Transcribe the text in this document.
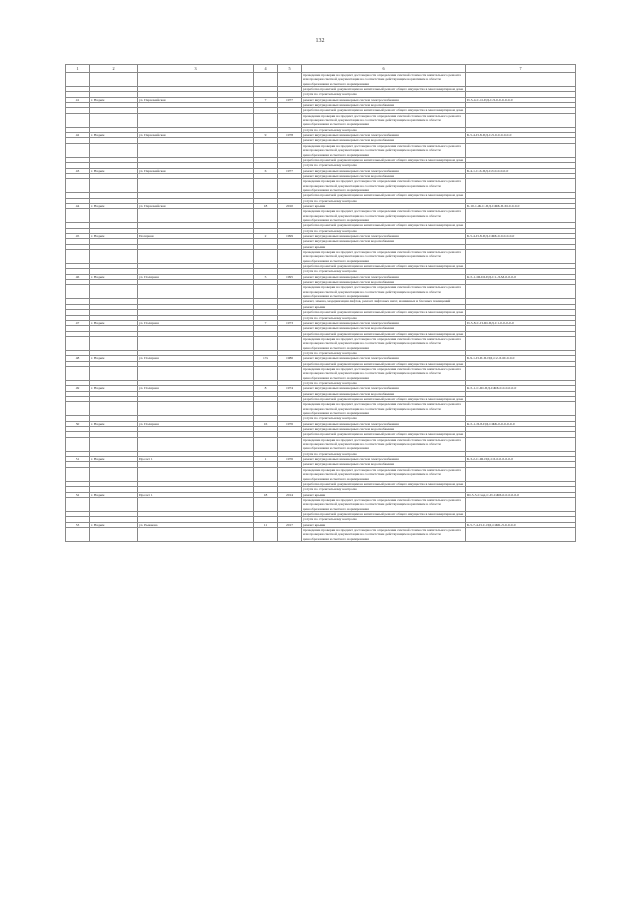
132
1	2	3	4	5	6	7
					проведение проверки на предмет достоверности определения сметной стоимости капитального ремонта или проверки сметной документации на соответствие действующим нормативам в области ценообразования и сметного нормирования	
					разработка проектной документации на капитальный ремонт общего имущества в многоквартирном доме	
					услуги по строительному контролю	
41	г. Надым	ул. Первомайская	7	1977	ремонт внутридомовых инженерных систем электроснабжения	П-5-4-С-О-ПД-СЛ-0-0-0-0-0-0
					ремонт внутридомовых инженерных систем водоснабжения	
					разработка проектной документации на капитальный ремонт общего имущества в многоквартирном доме	
					проведение проверки на предмет достоверности определения сметной стоимости капитального ремонта или проверки сметной документации на соответствие действующим нормативам в области ценообразования и сметного нормирования	
					услуги по строительному контролю	
42	г. Надым	ул. Первомайская	9	1978	ремонт внутридомовых инженерных систем электроснабжения	Б-5-4-П-8-ПД-СЛ-0-0-0-0-0-0
					ремонт внутридомовых инженерных систем водоснабжения	
					проведение проверки на предмет достоверности определения сметной стоимости капитального ремонта или проверки сметной документации на соответствие действующим нормативам в области ценообразования и сметного нормирования	
					разработка проектной документации на капитальный ремонт общего имущества в многоквартирном доме	
					услуги по строительному контролю	
43	г. Надым	ул. Первомайская	6	1977	ремонт внутридомовых инженерных систем электроснабжения	Б-4-1-С-6-ПД-СЛ-0-0-0-0-0
					ремонт внутридомовых инженерных систем водоснабжения	
					проведение проверки на предмет достоверности определения сметной стоимости капитального ремонта или проверки сметной документации на соответствие действующим нормативам в области ценообразования и сметного нормирования	
					разработка проектной документации на капитальный ремонт общего имущества в многоквартирном доме	
					услуги по строительному контролю	
44	г. Надым	ул. Первомайская	18	2010	ремонт крыши	Б-10-1-Ж-С-ПД-СЖБ-П-М-0-0-0-0
					проведение проверки на предмет достоверности определения сметной стоимости капитального ремонта или проверки сметной документации на соответствие действующим нормативам в области ценообразования и сметного нормирования	
					разработка проектной документации на капитальный ремонт общего имущества в многоквартирном доме	
					услуги по строительному контролю	
45	г. Надым	Полярная	2	1999	ремонт внутридомовых инженерных систем электроснабжения	Б-5-4-П-8-ПД-СЖБ-0-0-0-0-0-0
					ремонт внутридомовых инженерных систем водоснабжения	
					ремонт крыши	
					проведение проверки на предмет достоверности определения сметной стоимости капитального ремонта или проверки сметной документации на соответствие действующим нормативам в области ценообразования и сметного нормирования	
					разработка проектной документации на капитальный ремонт общего имущества в многоквартирном доме	
					услуги по строительному контролю	
46	г. Надым	ул. Полярная	5	1995	ремонт внутридомовых инженерных систем электроснабжения	К-5-1-Ш-Ш-ПД-С1-Л-М-0-0-0-0
					ремонт внутридомовых инженерных систем водоснабжения	
					проведение проверки на предмет достоверности определения сметной стоимости капитального ремонта или проверки сметной документации на соответствие действующим нормативам в области ценообразования и сметного нормирования	
					ремонт, замена, модернизация лифтов, ремонт лифтовых шахт, машинных и блочных помещений	
					ремонт крыши	
					разработка проектной документации на капитальный ремонт общего имущества в многоквартирном доме	
					услуги по строительному контролю	
47	г. Надым	ул. Полярная	7	1973	ремонт внутридомовых инженерных систем электроснабжения	П-5-8-С-П-Ш-ПД-С1-0-0-0-0-0
					ремонт внутридомовых инженерных систем водоснабжения	
					разработка проектной документации на капитальный ремонт общего имущества в многоквартирном доме	
					проведение проверки на предмет достоверности определения сметной стоимости капитального ремонта или проверки сметной документации на соответствие действующим нормативам в области ценообразования и сметного нормирования	
					услуги по строительному контролю	
48	г. Надым	ул. Полярная	17а	1986	ремонт внутридомовых инженерных систем электроснабжения	Б-9-1-П-П-П-ПД-С2-Л-М-0-0-0
					разработка проектной документации на капитальный ремонт общего имущества в многоквартирном доме	
					проведение проверки на предмет достоверности определения сметной стоимости капитального ремонта или проверки сметной документации на соответствие действующим нормативам в области ценообразования и сметного нормирования	
					услуги по строительному контролю	
49	г. Надым	ул. Полярная	8	1974	ремонт внутридомовых инженерных систем электроснабжения	К-5-1-С-Ш-ПД-СЖБ-0-0-0-0-0-0
					ремонт внутридомовых инженерных систем водоснабжения	
					разработка проектной документации на капитальный ремонт общего имущества в многоквартирном доме	
					проведение проверки на предмет достоверности определения сметной стоимости капитального ремонта или проверки сметной документации на соответствие действующим нормативам в области ценообразования и сметного нормирования	
					услуги по строительному контролю	
50	г. Надым	ул. Полярная	16	1976	ремонт внутридомовых инженерных систем электроснабжения	К-5-1-П-8-ПД-СЖБ-0-0-0-0-0-0
					ремонт внутридомовых инженерных систем водоснабжения	
					разработка проектной документации на капитальный ремонт общего имущества в многоквартирном доме	
					проведение проверки на предмет достоверности определения сметной стоимости капитального ремонта или проверки сметной документации на соответствие действующим нормативам в области ценообразования и сметного нормирования	
					услуги по строительному контролю	
51	г. Надым	Пролет 1	1	1976	ремонт внутридомовых инженерных систем электроснабжения	Б-3-2-С-Ш-ПД-СЛ-0-0-0-0-0-0
					ремонт внутридомовых инженерных систем водоснабжения	
					проведение проверки на предмет достоверности определения сметной стоимости капитального ремонта или проверки сметной документации на соответствие действующим нормативам в области ценообразования и сметного нормирования	
					разработка проектной документации на капитальный ремонт общего имущества в многоквартирном доме	
					услуги по строительному контролю	
52	г. Надым	Пролет 1	18	2014	ремонт крыши	Ш-5-5-Сэнд-С-П-СЖБ-0-0-0-0-0-0
					проведение проверки на предмет достоверности определения сметной стоимости капитального ремонта или проверки сметной документации на соответствие действующим нормативам в области ценообразования и сметного нормирования	
					разработка проектной документации на капитальный ремонт общего имущества в многоквартирном доме	
					услуги по строительному контролю	
53	г. Надым	ул. Рыжкова	11	2017	ремонт крыши	Б-5-7-4-П-С-ПД-СЖБ-Л-0-0-0-0
					проведение проверки на предмет достоверности определения сметной стоимости капитального ремонта или проверки сметной документации на соответствие действующим нормативам в области ценообразования и сметного нормирования	
